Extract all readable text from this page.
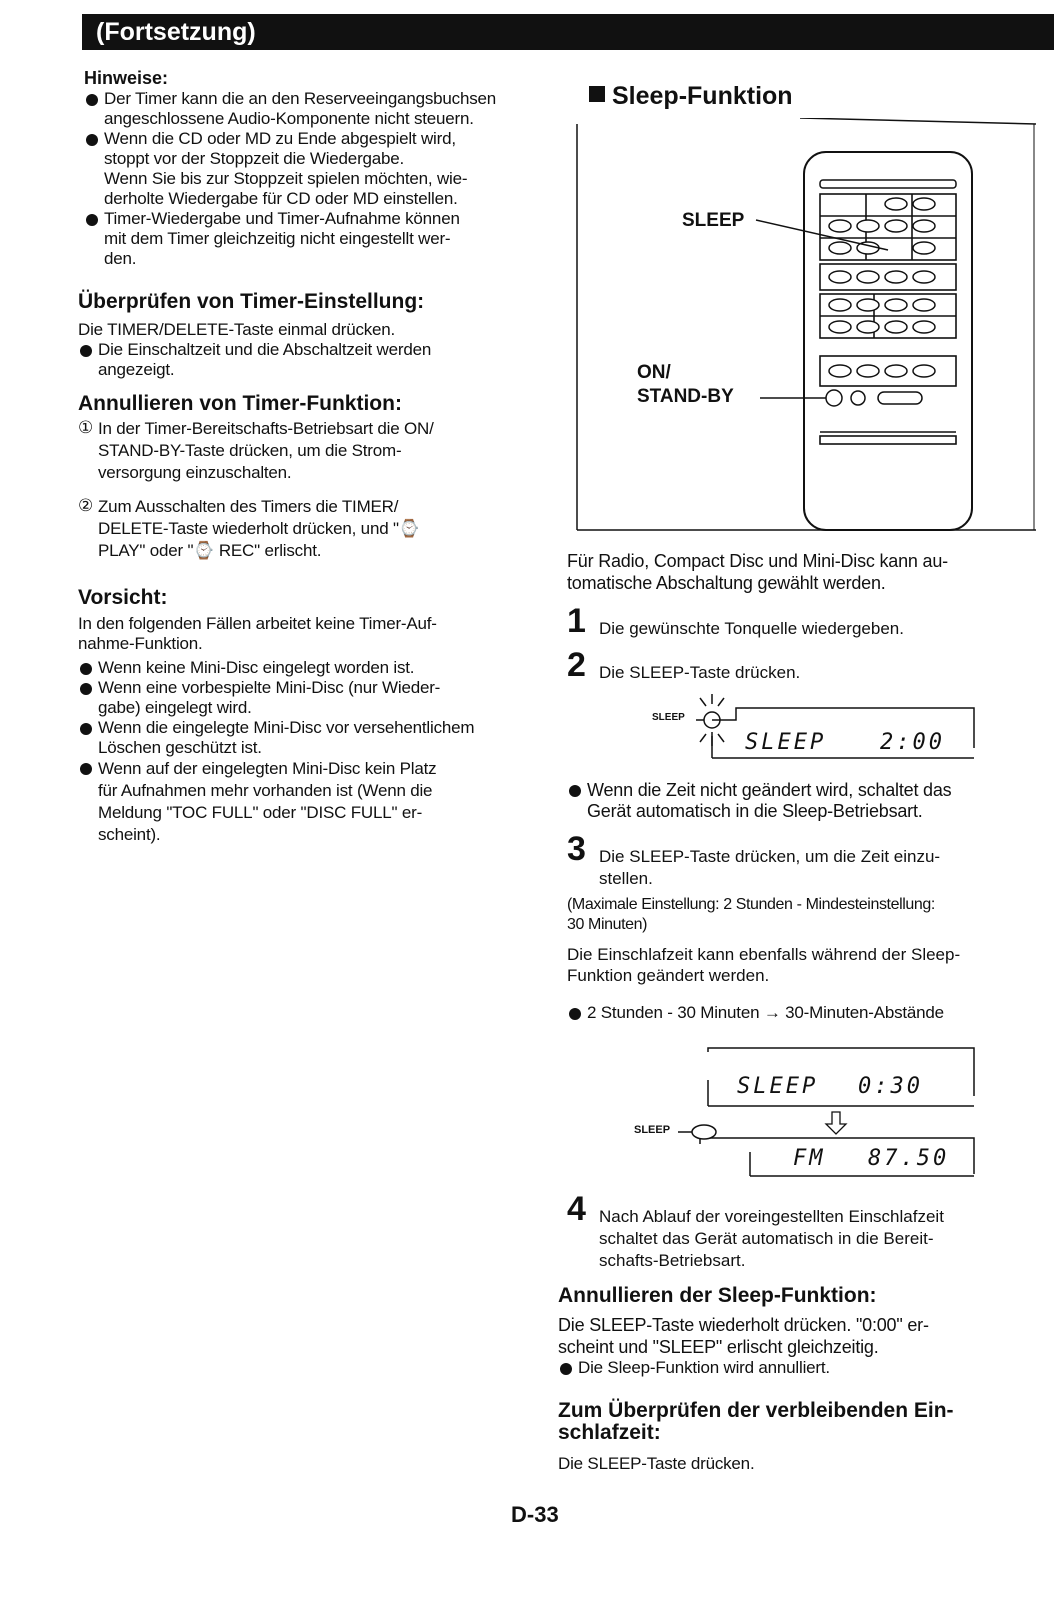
(Fortsetzung)

Hinweise:

Der Timer kann die an den Reserveeingangsbuchsen
angeschlossene Audio-Komponente nicht steuern.
Wenn die CD oder MD zu Ende abgespielt wird,
stoppt vor der Stoppzeit die Wiedergabe.
Wenn Sie bis zur Stoppzeit spielen möchten, wie-
derholte Wiedergabe für CD oder MD einstellen.
Timer-Wiedergabe und Timer-Aufnahme können
mit dem Timer gleichzeitig nicht eingestellt wer-
den.

Überprüfen von Timer-Einstellung:

Die TIMER/DELETE-Taste einmal drücken.

Die Einschaltzeit und die Abschaltzeit werden
angezeigt.

Annullieren von Timer-Funktion:

① In der Timer-Bereitschafts-Betriebsart die ON/
STAND-BY-Taste drücken, um die Strom-
versorgung einzuschalten.
② Zum Ausschalten des Timers die TIMER/
DELETE-Taste wiederholt drücken, und "⌚
PLAY" oder "⌚ REC" erlischt.

Vorsicht:

In den folgenden Fällen arbeitet keine Timer-Auf-
nahme-Funktion.
Wenn keine Mini-Disc eingelegt worden ist.
Wenn eine vorbespielte Mini-Disc (nur Wieder-
gabe) eingelegt wird.
Wenn die eingelegte Mini-Disc vor versehentlichem
Löschen geschützt ist.
Wenn auf der eingelegten Mini-Disc kein Platz
für Aufnahmen mehr vorhanden ist (Wenn die
Meldung "TOC FULL" oder "DISC FULL" er-
scheint).
Sleep-Funktion
SLEEP
ON/
STAND-BY
Für Radio, Compact Disc und Mini-Disc kann au-
tomatische Abschaltung gewählt werden.
1 Die gewünschte Tonquelle wiedergeben.
2 Die SLEEP-Taste drücken.
SLEEP
SLEEP 2:00
Wenn die Zeit nicht geändert wird, schaltet das
Gerät automatisch in die Sleep-Betriebsart.
3 Die SLEEP-Taste drücken, um die Zeit einzu-
stellen.
(Maximale Einstellung: 2 Stunden - Mindesteinstellung:
30 Minuten)
Die Einschlafzeit kann ebenfalls während der Sleep-
Funktion geändert werden.
2 Stunden - 30 Minuten → 30-Minuten-Abstände
SLEEP 0:30
SLEEP
FM 87.50
4 Nach Ablauf der voreingestellten Einschlafzeit
schaltet das Gerät automatisch in die Bereit-
schafts-Betriebsart.

Annullieren der Sleep-Funktion:

Die SLEEP-Taste wiederholt drücken. "0:00" er-
scheint und "SLEEP" erlischt gleichzeitig.
Die Sleep-Funktion wird annulliert.
Zum Überprüfen der verbleibenden Ein-
schlafzeit:
Die SLEEP-Taste drücken.
D-33
